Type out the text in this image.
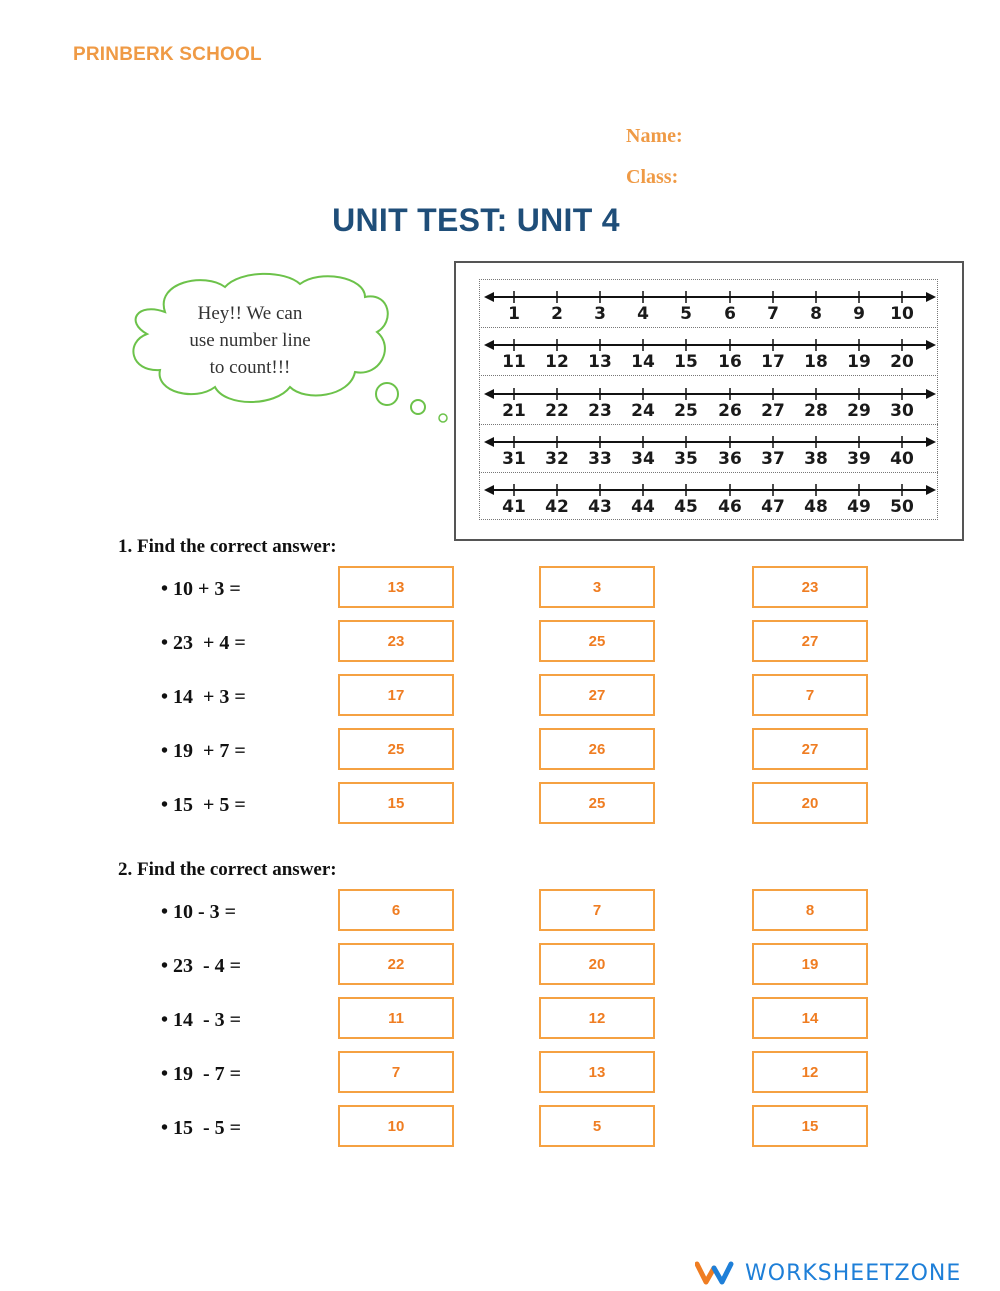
PRINBERK SCHOOL
Name:
Class:
UNIT TEST: UNIT 4
Hey!! We can
use number line
to count!!!
1	2	3	4	5	6	7	8	9	10
11	12	13	14	15	16	17	18	19	20
21	22	23	24	25	26	27	28	29	30
31	32	33	34	35	36	37	38	39	40
41	42	43	44	45	46	47	48	49	50
1. Find the correct answer:
• 10 + 3 =	13	3	23
• 23  + 4 =	23	25	27
• 14  + 3 =	17	27	7
• 19  + 7 =	25	26	27
• 15  + 5 =	15	25	20
2. Find the correct answer:
• 10 - 3 =	6	7	8
• 23  - 4 =	22	20	19
• 14  - 3 =	11	12	14
• 19  - 7 =	7	13	12
• 15  - 5 =	10	5	15
WORKSHEETZONE
